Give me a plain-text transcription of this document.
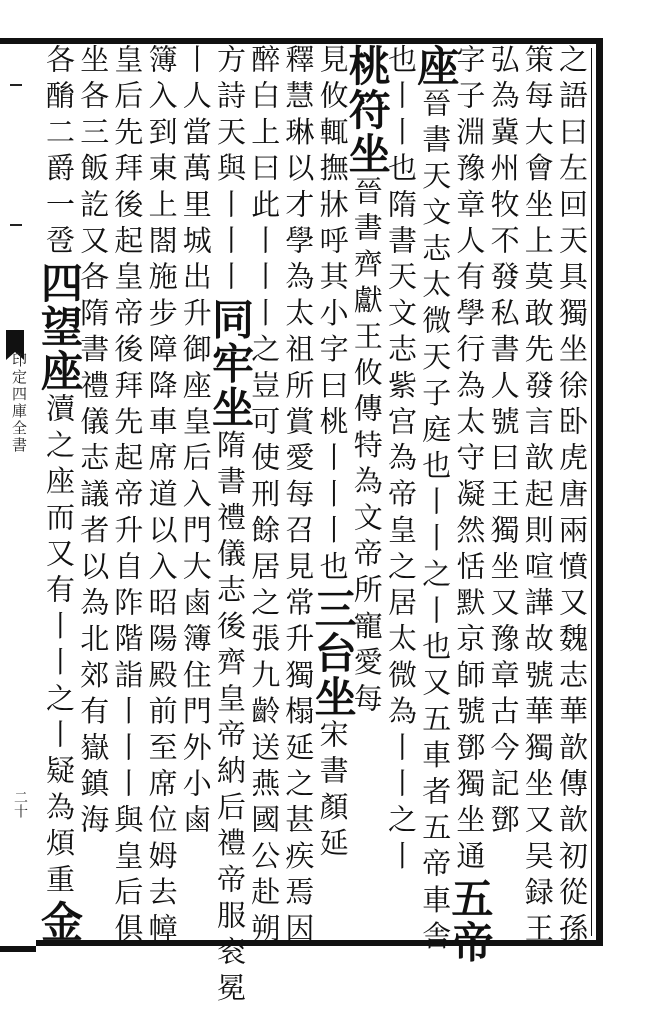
印定四庫全書
二十	之語曰左回天具獨坐徐卧虎唐兩憤又魏志華歆傳歆初從孫
策每大會坐上莫敢先發言歆起則喧譁故號華獨坐又吴録王
弘為冀州牧不發私書人號曰王獨坐又豫章古今記鄧
字子淵豫章人有學行為太守凝然恬默京師號鄧獨坐通五帝
座晉書天文志太微天子庭也丨丨之丨也又五車者五帝車舎
也丨丨也隋書天文志紫宫為帝皇之居太微為丨丨之丨
桃符坐晉書齊獻王攸傳特為文帝所寵愛每
見攸輒撫牀呼其小字曰桃丨丨丨也三台坐宋書顏延
釋慧琳以才學為太祖所賞愛每召見常升獨榻延之甚疾焉因
醉白上曰此丨丨丨之豈可使刑餘居之張九齡送燕國公赴朔
方詩天與丨丨丨同牢坐隋書禮儀志後齊皇帝納后禮帝服衮冕
丨人當萬里城出升御座皇后入門大鹵簿住門外小鹵
簿入到東上閤施步障降車席道以入昭陽殿前至席位姆去幛
皇后先拜後起皇帝後拜先起帝升自阼階詣丨丨丨與皇后俱
坐各三飯訖又各隋書禮儀志議者以為北郊有嶽鎮海
各酳二爵一卺四望座瀆之座而又有丨丨之丨疑為煩重金
